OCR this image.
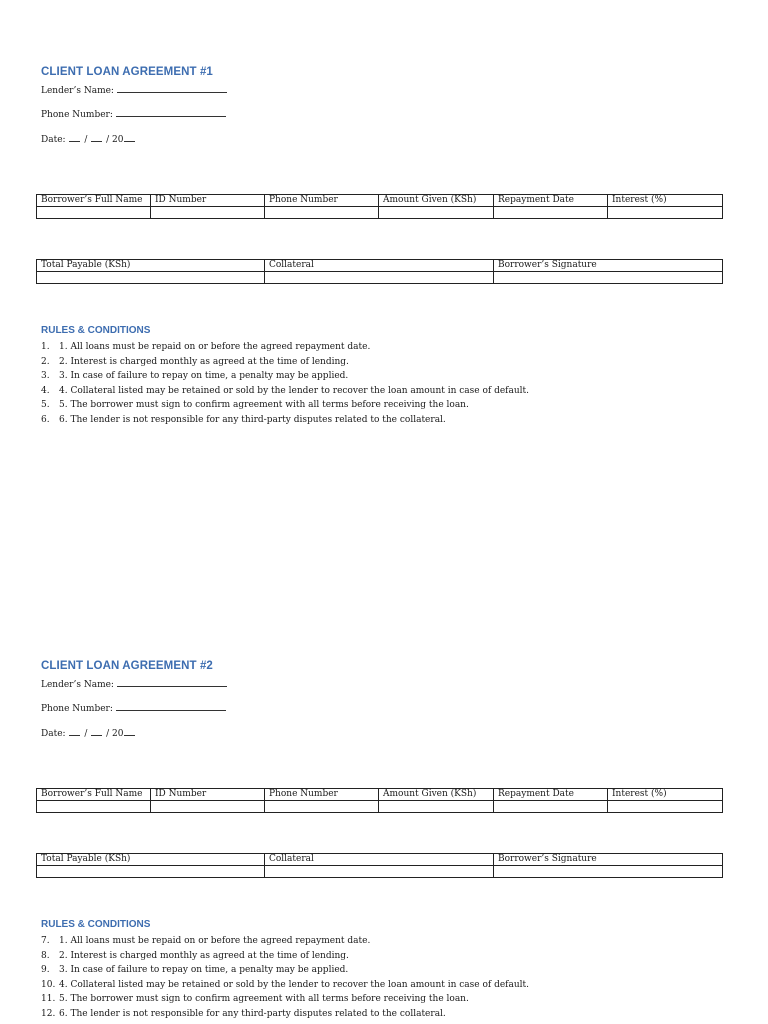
CLIENT LOAN AGREEMENT #1
Lender’s Name:
Phone Number:
Date: / / 20
Borrower’s Full Name	ID Number	Phone Number	Amount Given (KSh)	Repayment Date	Interest (%)

Total Payable (KSh)	Collateral	Borrower’s Signature

RULES & CONDITIONS
1. 1. All loans must be repaid on or before the agreed repayment date.
2. 2. Interest is charged monthly as agreed at the time of lending.
3. 3. In case of failure to repay on time, a penalty may be applied.
4. 4. Collateral listed may be retained or sold by the lender to recover the loan amount in case of default.
5. 5. The borrower must sign to confirm agreement with all terms before receiving the loan.
6. 6. The lender is not responsible for any third-party disputes related to the collateral.
CLIENT LOAN AGREEMENT #2
Lender’s Name:
Phone Number:
Date: / / 20
Borrower’s Full Name	ID Number	Phone Number	Amount Given (KSh)	Repayment Date	Interest (%)

Total Payable (KSh)	Collateral	Borrower’s Signature

RULES & CONDITIONS
7. 1. All loans must be repaid on or before the agreed repayment date.
8. 2. Interest is charged monthly as agreed at the time of lending.
9. 3. In case of failure to repay on time, a penalty may be applied.
10. 4. Collateral listed may be retained or sold by the lender to recover the loan amount in case of default.
11. 5. The borrower must sign to confirm agreement with all terms before receiving the loan.
12. 6. The lender is not responsible for any third-party disputes related to the collateral.
